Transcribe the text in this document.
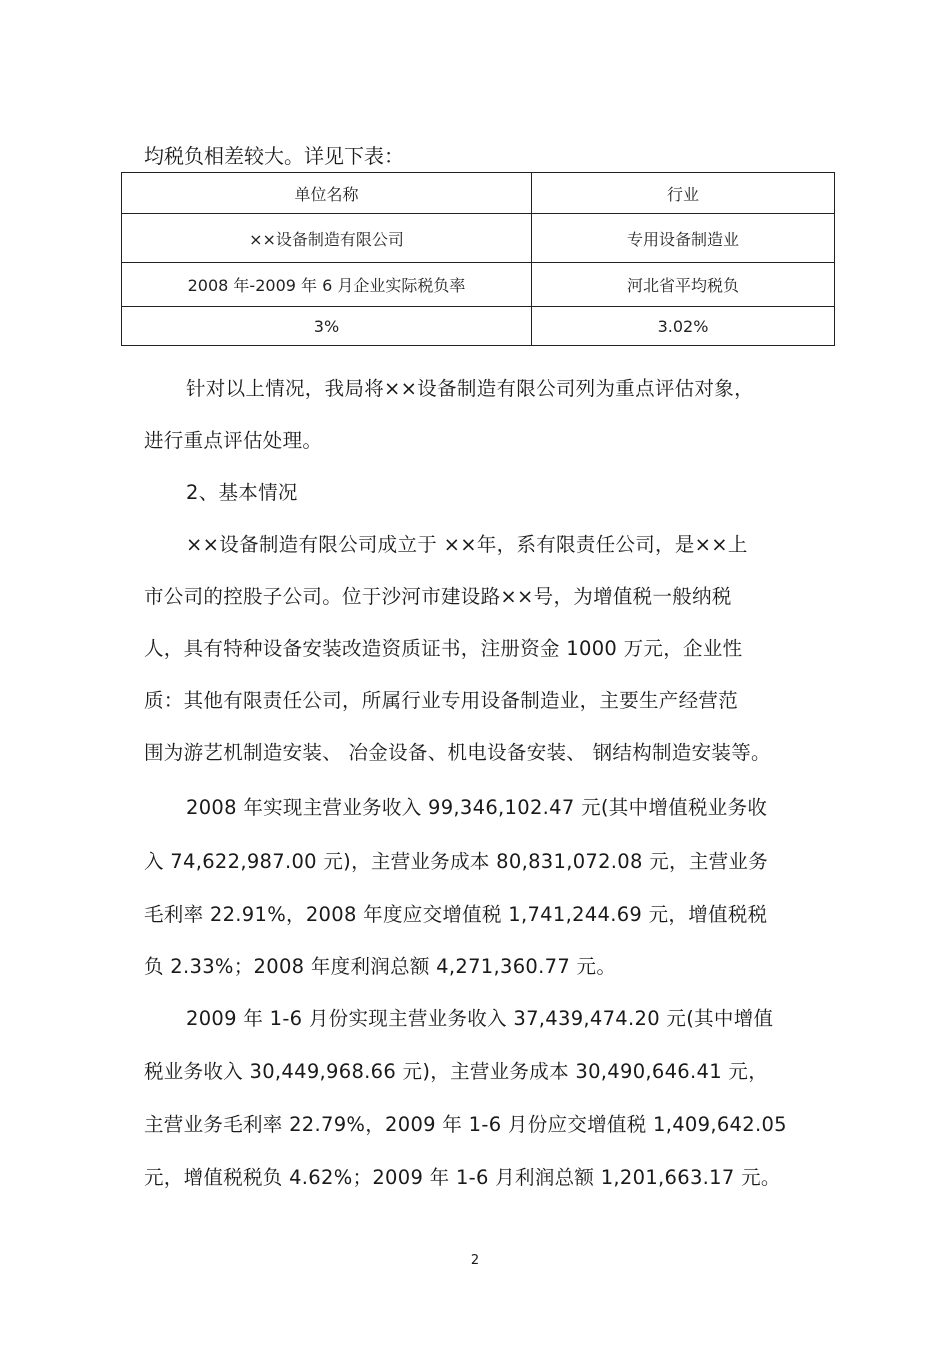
均税负相差较大。详见下表：
单位名称	行业
××设备制造有限公司	专用设备制造业
2008 年-2009 年 6 月企业实际税负率	河北省平均税负
3%	3.02%
针对以上情况，我局将××设备制造有限公司列为重点评估对象，
进行重点评估处理。
2、基本情况
××设备制造有限公司成立于 ××年，系有限责任公司，是××上
市公司的控股子公司。位于沙河市建设路××号，为增值税一般纳税
人，具有特种设备安装改造资质证书，注册资金 1000 万元，企业性
质：其他有限责任公司，所属行业专用设备制造业，主要生产经营范
围为游艺机制造安装、 冶金设备、机电设备安装、 钢结构制造安装等。
2008 年实现主营业务收入 99,346,102.47 元(其中增值税业务收
入 74,622,987.00 元)，主营业务成本 80,831,072.08 元，主营业务
毛利率 22.91%，2008 年度应交增值税 1,741,244.69 元，增值税税
负 2.33%；2008 年度利润总额 4,271,360.77 元。
2009 年 1-6 月份实现主营业务收入 37,439,474.20 元(其中增值
税业务收入 30,449,968.66 元)，主营业务成本 30,490,646.41 元，
主营业务毛利率 22.79%，2009 年 1-6 月份应交增值税 1,409,642.05
元，增值税税负 4.62%；2009 年 1-6 月利润总额 1,201,663.17 元。
2
